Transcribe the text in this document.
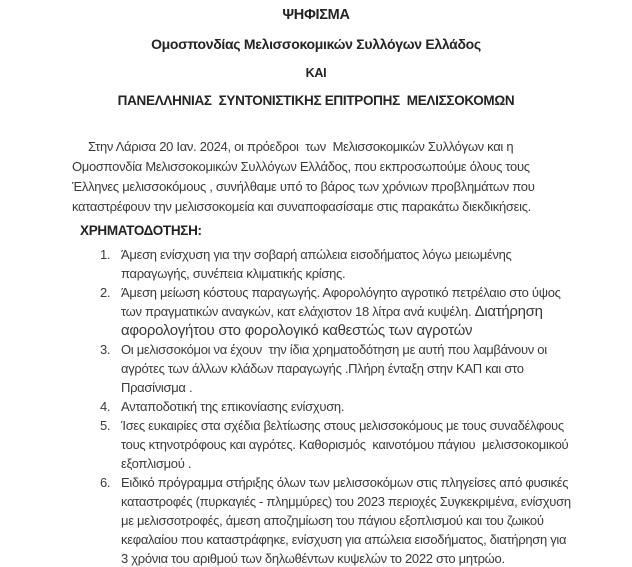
ΨΗΦΙΣΜΑ
Ομοσπονδίας Μελισσοκομικών Συλλόγων Ελλάδος
ΚΑΙ
ΠΑΝΕΛΛΗΝΙΑΣ  ΣΥΝΤΟΝΙΣΤΙΚΗΣ ΕΠΙΤΡΟΠΗΣ  ΜΕΛΙΣΣΟΚΟΜΩΝ
Στην Λάρισα 20 Ιαν. 2024, οι πρόεδροι  των  Μελισσοκομικών Συλλόγων και η Ομοσπονδία Μελισσοκομικών Συλλόγων Ελλάδος, που εκπροσωπούμε όλους τους Έλληνες μελισσοκόμους , συνήλθαμε υπό το βάρος των χρόνιων προβλημάτων που καταστρέφουν την μελισσοκομεία και συναποφασίσαμε στις παρακάτω διεκδικήσεις.
ΧΡΗΜΑΤΟΔΟΤΗΣΗ:
1. Άμεση ενίσχυση για την σοβαρή απώλεια εισοδήματος λόγω μειωμένης παραγωγής, συνέπεια κλιματικής κρίσης.
2. Άμεση μείωση κόστους παραγωγής. Αφορολόγητο αγροτικό πετρέλαιο στο ύψος των πραγματικών αναγκών, κατ ελάχιστον 18 λίτρα ανά κυψέλη. Διατήρηση αφορολογήτου στο φορολογικό καθεστώς των αγροτών
3. Οι μελισσοκόμοι να έχουν  την ίδια χρηματοδότηση με αυτή που λαμβάνουν οι αγρότες των άλλων κλάδων παραγωγής .Πλήρη ένταξη στην ΚΑΠ και στο Πρασίνισμα .
4. Ανταποδοτική της επικονίασης ενίσχυση.
5. Ίσες ευκαιρίες στα σχέδια βελτίωσης στους μελισσοκόμους με τους συναδέλφους τους κτηνοτρόφους και αγρότες. Καθορισμός  καινοτόμου πάγιου  μελισσοκομικού εξοπλισμού .
6. Ειδικό πρόγραμμα στήριξης όλων των μελισσοκόμων στις πληγείσες από φυσικές καταστροφές (πυρκαγιές - πλημμύρες) του 2023 περιοχές Συγκεκριμένα, ενίσχυση με μελισσοτροφές, άμεση αποζημίωση του πάγιου εξοπλισμού και του ζωικού κεφαλαίου που καταστράφηκε, ενίσχυση για απώλεια εισοδήματος, διατήρηση για 3 χρόνια του αριθμού των δηλωθέντων κυψελών το 2022 στο μητρώο.
